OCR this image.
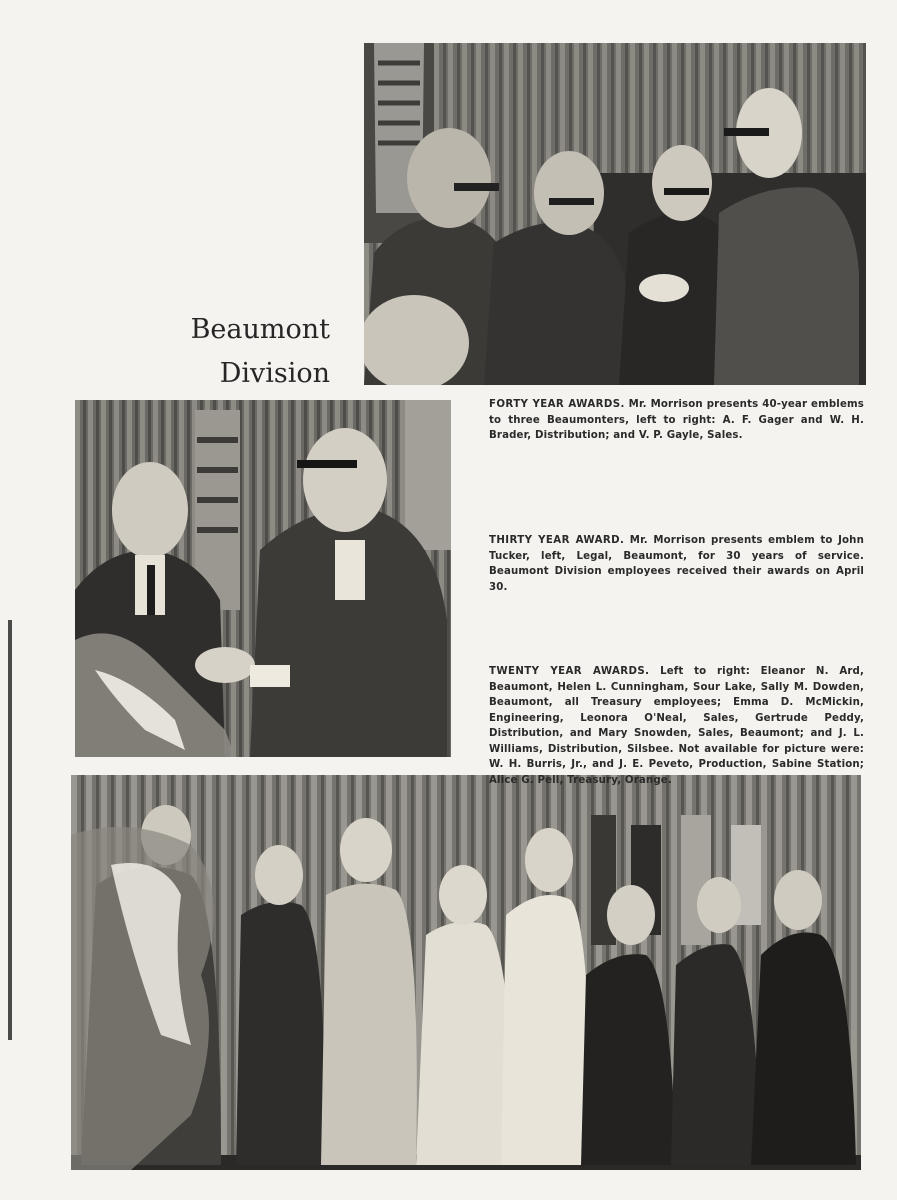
Beaumont
Division
FORTY YEAR AWARDS. Mr. Morrison presents 40-year emblems to three Beaumonters, left to right: A. F. Gager and W. H. Brader, Distribution; and V. P. Gayle, Sales.
THIRTY YEAR AWARD. Mr. Morrison presents emblem to John Tucker, left, Legal, Beaumont, for 30 years of service. Beaumont Division employees received their awards on April 30.
TWENTY YEAR AWARDS. Left to right: Eleanor N. Ard, Beaumont, Helen L. Cunningham, Sour Lake, Sally M. Dowden, Beaumont, all Treasury employees; Emma D. McMickin, Engineering, Leonora O'Neal, Sales, Gertrude Peddy, Distribution, and Mary Snowden, Sales, Beaumont; and J. L. Williams, Distribution, Silsbee. Not available for picture were: W. H. Burris, Jr., and J. E. Peveto, Production, Sabine Station; Alice G. Pell, Treasury, Orange.
